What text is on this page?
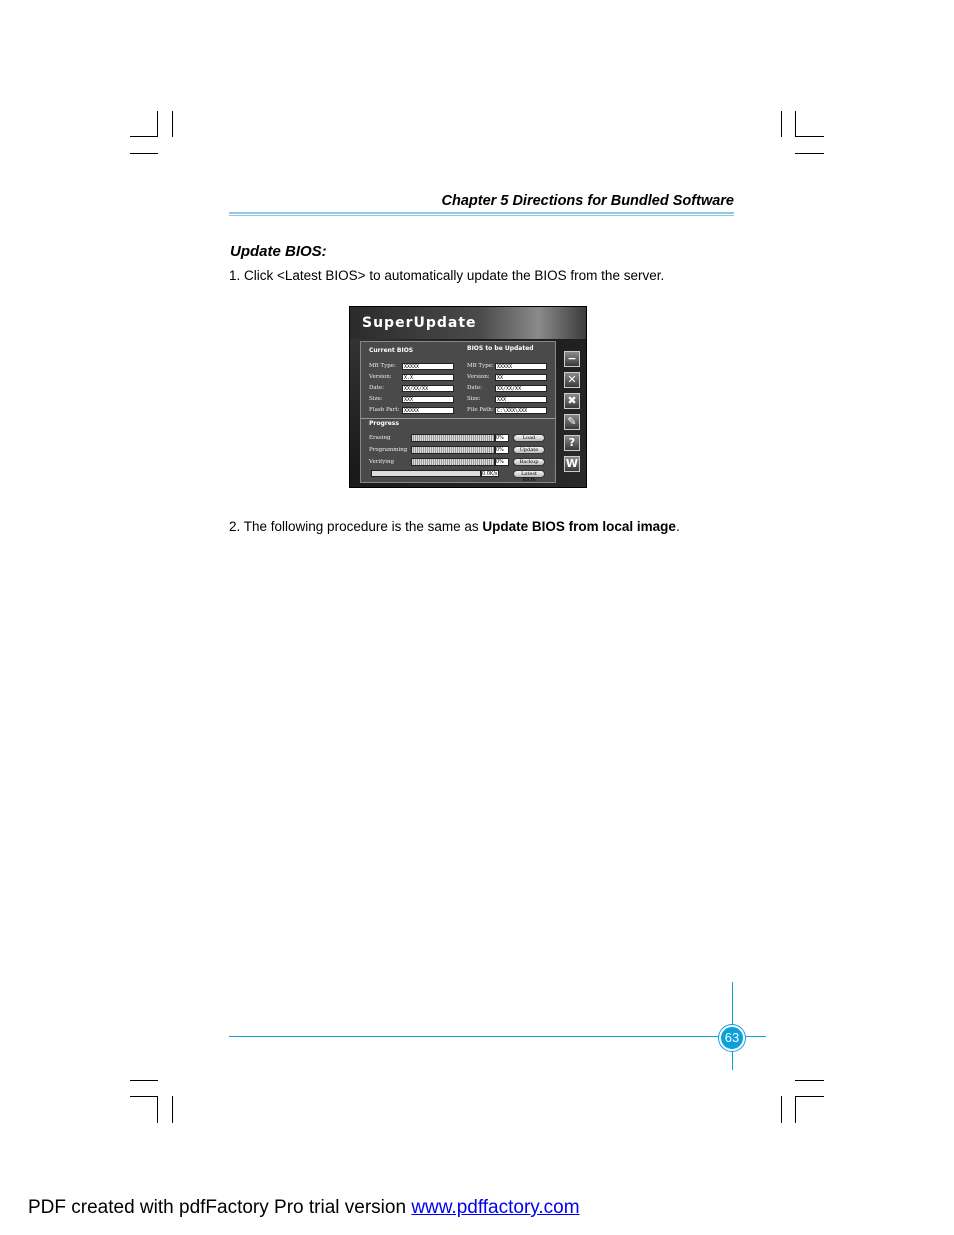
Chapter 5 Directions for Bundled Software
Update BIOS:
1. Click <Latest BIOS> to automatically update the BIOS from the server.
SuperUpdate
Current BIOS	BIOS to be Updated
MB Type:	XXXXX
Version:	X.X
Date:	XX/XX/XX
Size:	XXX
Flash Part: XXXXX
MB Type: XXXXX
Version:	XX
Date:	XX/XX/XX
Size:	XXX
File Path: C:\XXX\XXX
Progress
Erasing	0%	Load
Programming	0%	Update
Verifying	0%	Backup
0.0K/s	Latest BIOS
−
✕
✖
✎
?
W
2. The following procedure is the same as Update BIOS from local image.
63
PDF created with pdfFactory Pro trial version www.pdffactory.com
